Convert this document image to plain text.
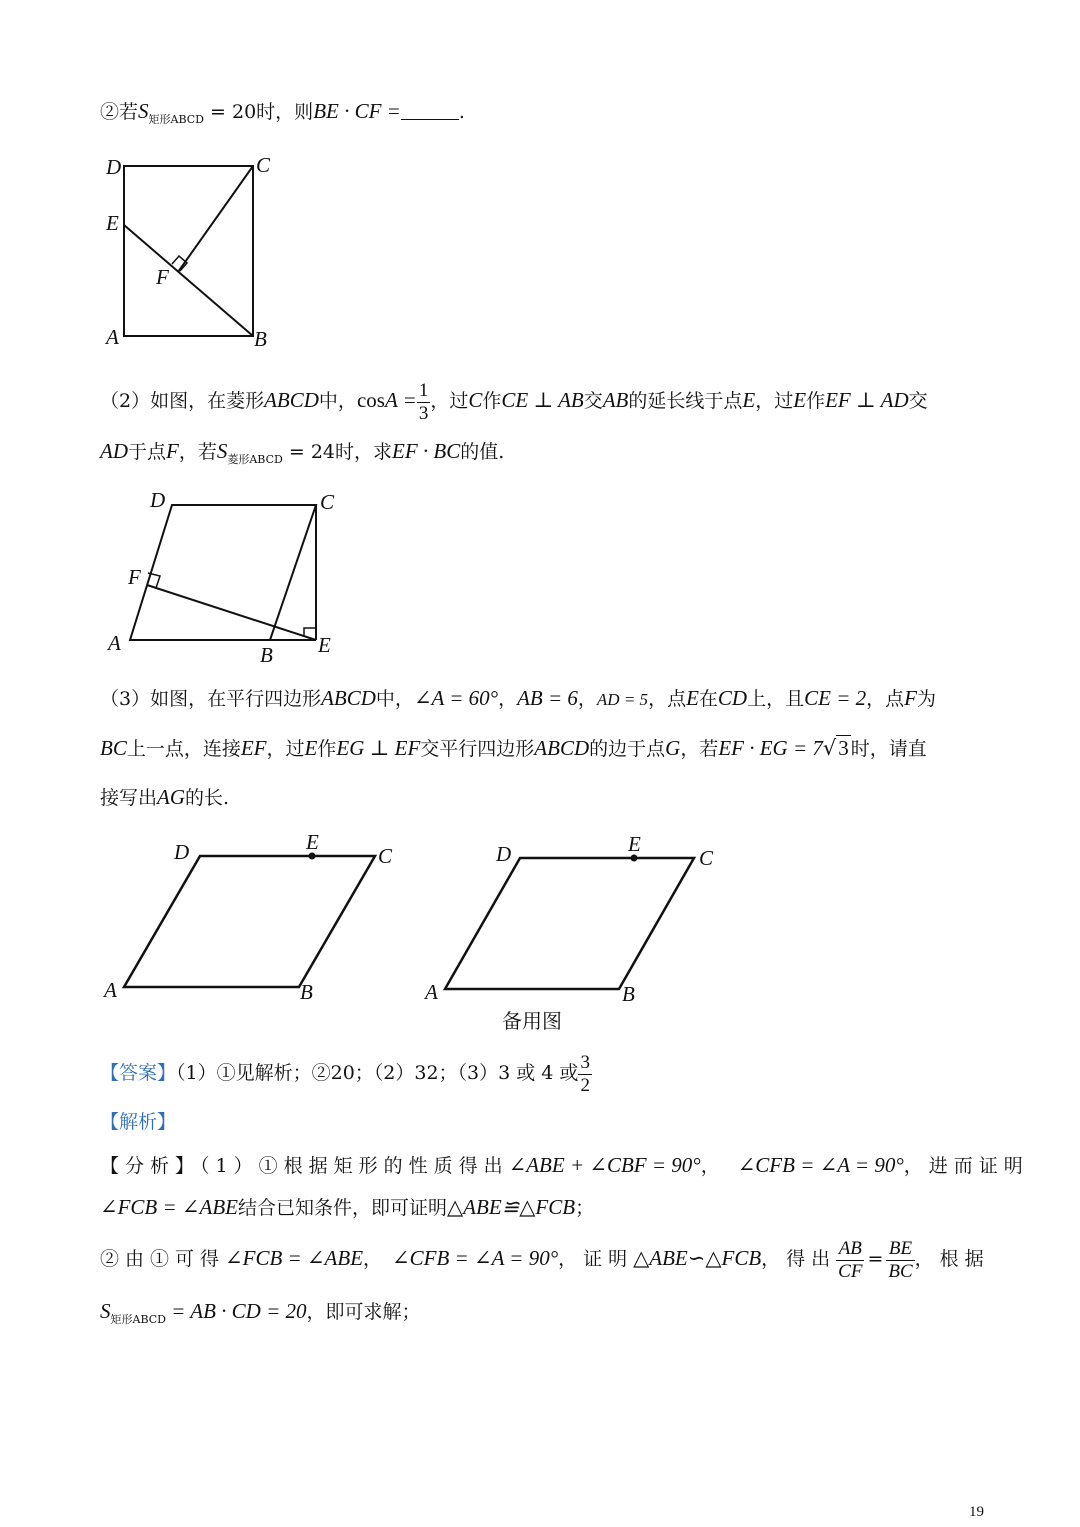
②若$S_{矩形ABCD} = 20$时，则BE · CF =	.
D	C
E
F
A	B
（2）如图，在菱形ABCD中，$\cos A = \frac{1}{3}$ ，过C作CE ⊥ AB交AB的延长线于点E，过E作EF ⊥ AD交
AD于点F，若$S_{菱形ABCD} = 24$时，求EF · BC的值.
D	C
F
A	B E
（3）如图，在平行四边形ABCD中，∠A = 60°，AB = 6，AD = 5，点E在CD上，且CE = 2，点F为
BC上一点，连接EF，过E作EG ⊥ EF交平行四边形ABCD的边于点G，若EF · EG = 7√3 时，请直
接写出AG的长.
D	E
C
A	B
D	E
C
A	B
备用图
【答案】（1）①见解析；②20；（2）32；（3）3 或 4 或 $\frac{3}{2}$
【解析】
【分析】（1）①根据矩形的性质得出∠ABE + ∠CBF = 90°， ∠CFB = ∠A = 90°，进而证明
∠FCB = ∠ABE结合已知条件，即可证明△ABE≌△FCB；
②由①可得∠FCB = ∠ABE， ∠CFB = ∠A = 90°，证明△ABE∽△FCB，得出 $\frac{AB}{CF} = \frac{BE}{BC}$ ，根据
$S_{矩形ABCD}$ = AB · CD = 20，即可求解；
19
